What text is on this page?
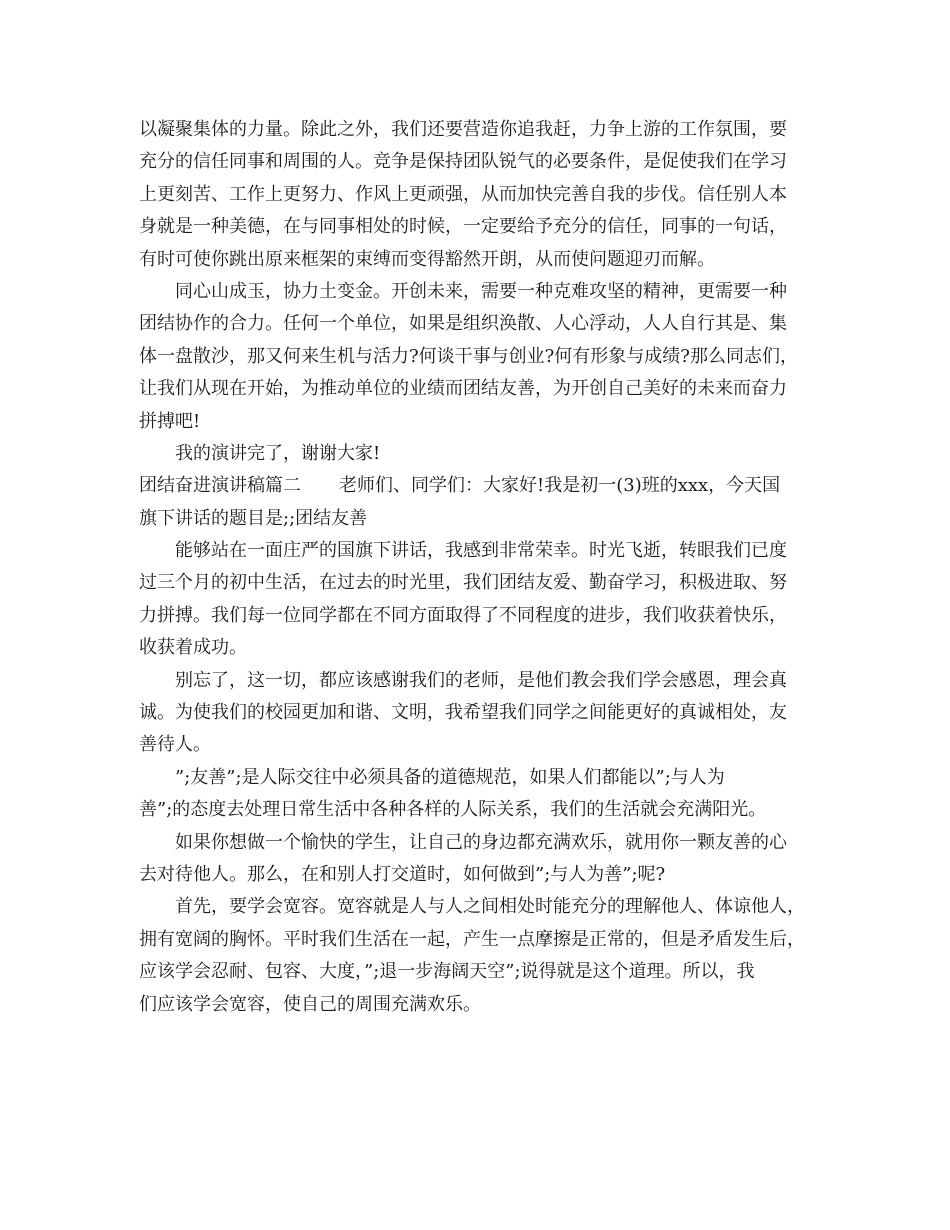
以凝聚集体的力量。除此之外，我们还要营造你追我赶，力争上游的工作氛围，要
充分的信任同事和周围的人。竞争是保持团队锐气的必要条件，是促使我们在学习
上更刻苦、工作上更努力、作风上更顽强，从而加快完善自我的步伐。信任别人本
身就是一种美德，在与同事相处的时候，一定要给予充分的信任，同事的一句话，
有时可使你跳出原来框架的束缚而变得豁然开朗，从而使问题迎刃而解。
同心山成玉，协力土变金。开创未来，需要一种克难攻坚的精神，更需要一种
团结协作的合力。任何一个单位，如果是组织涣散、人心浮动，人人自行其是、集
体一盘散沙，那又何来生机与活力?何谈干事与创业?何有形象与成绩?那么同志们，
让我们从现在开始，为推动单位的业绩而团结友善，为开创自己美好的未来而奋力
拼搏吧!
我的演讲完了，谢谢大家!
团结奋进演讲稿篇二 老师们、同学们：大家好!我是初一(3)班的xxx，今天国
旗下讲话的题目是;;团结友善
能够站在一面庄严的国旗下讲话，我感到非常荣幸。时光飞逝，转眼我们已度
过三个月的初中生活，在过去的时光里，我们团结友爱、勤奋学习，积极进取、努
力拼搏。我们每一位同学都在不同方面取得了不同程度的进步，我们收获着快乐，
收获着成功。
别忘了，这一切，都应该感谢我们的老师，是他们教会我们学会感恩，理会真
诚。为使我们的校园更加和谐、文明，我希望我们同学之间能更好的真诚相处，友
善待人。
”;友善”;是人际交往中必须具备的道德规范，如果人们都能以”;与人为
善”;的态度去处理日常生活中各种各样的人际关系，我们的生活就会充满阳光。
如果你想做一个愉快的学生，让自己的身边都充满欢乐，就用你一颗友善的心
去对待他人。那么，在和别人打交道时，如何做到”;与人为善”;呢?
首先，要学会宽容。宽容就是人与人之间相处时能充分的理解他人、体谅他人，
拥有宽阔的胸怀。平时我们生活在一起，产生一点摩擦是正常的，但是矛盾发生后，
应该学会忍耐、包容、大度，”;退一步海阔天空”;说得就是这个道理。所以，我
们应该学会宽容，使自己的周围充满欢乐。
